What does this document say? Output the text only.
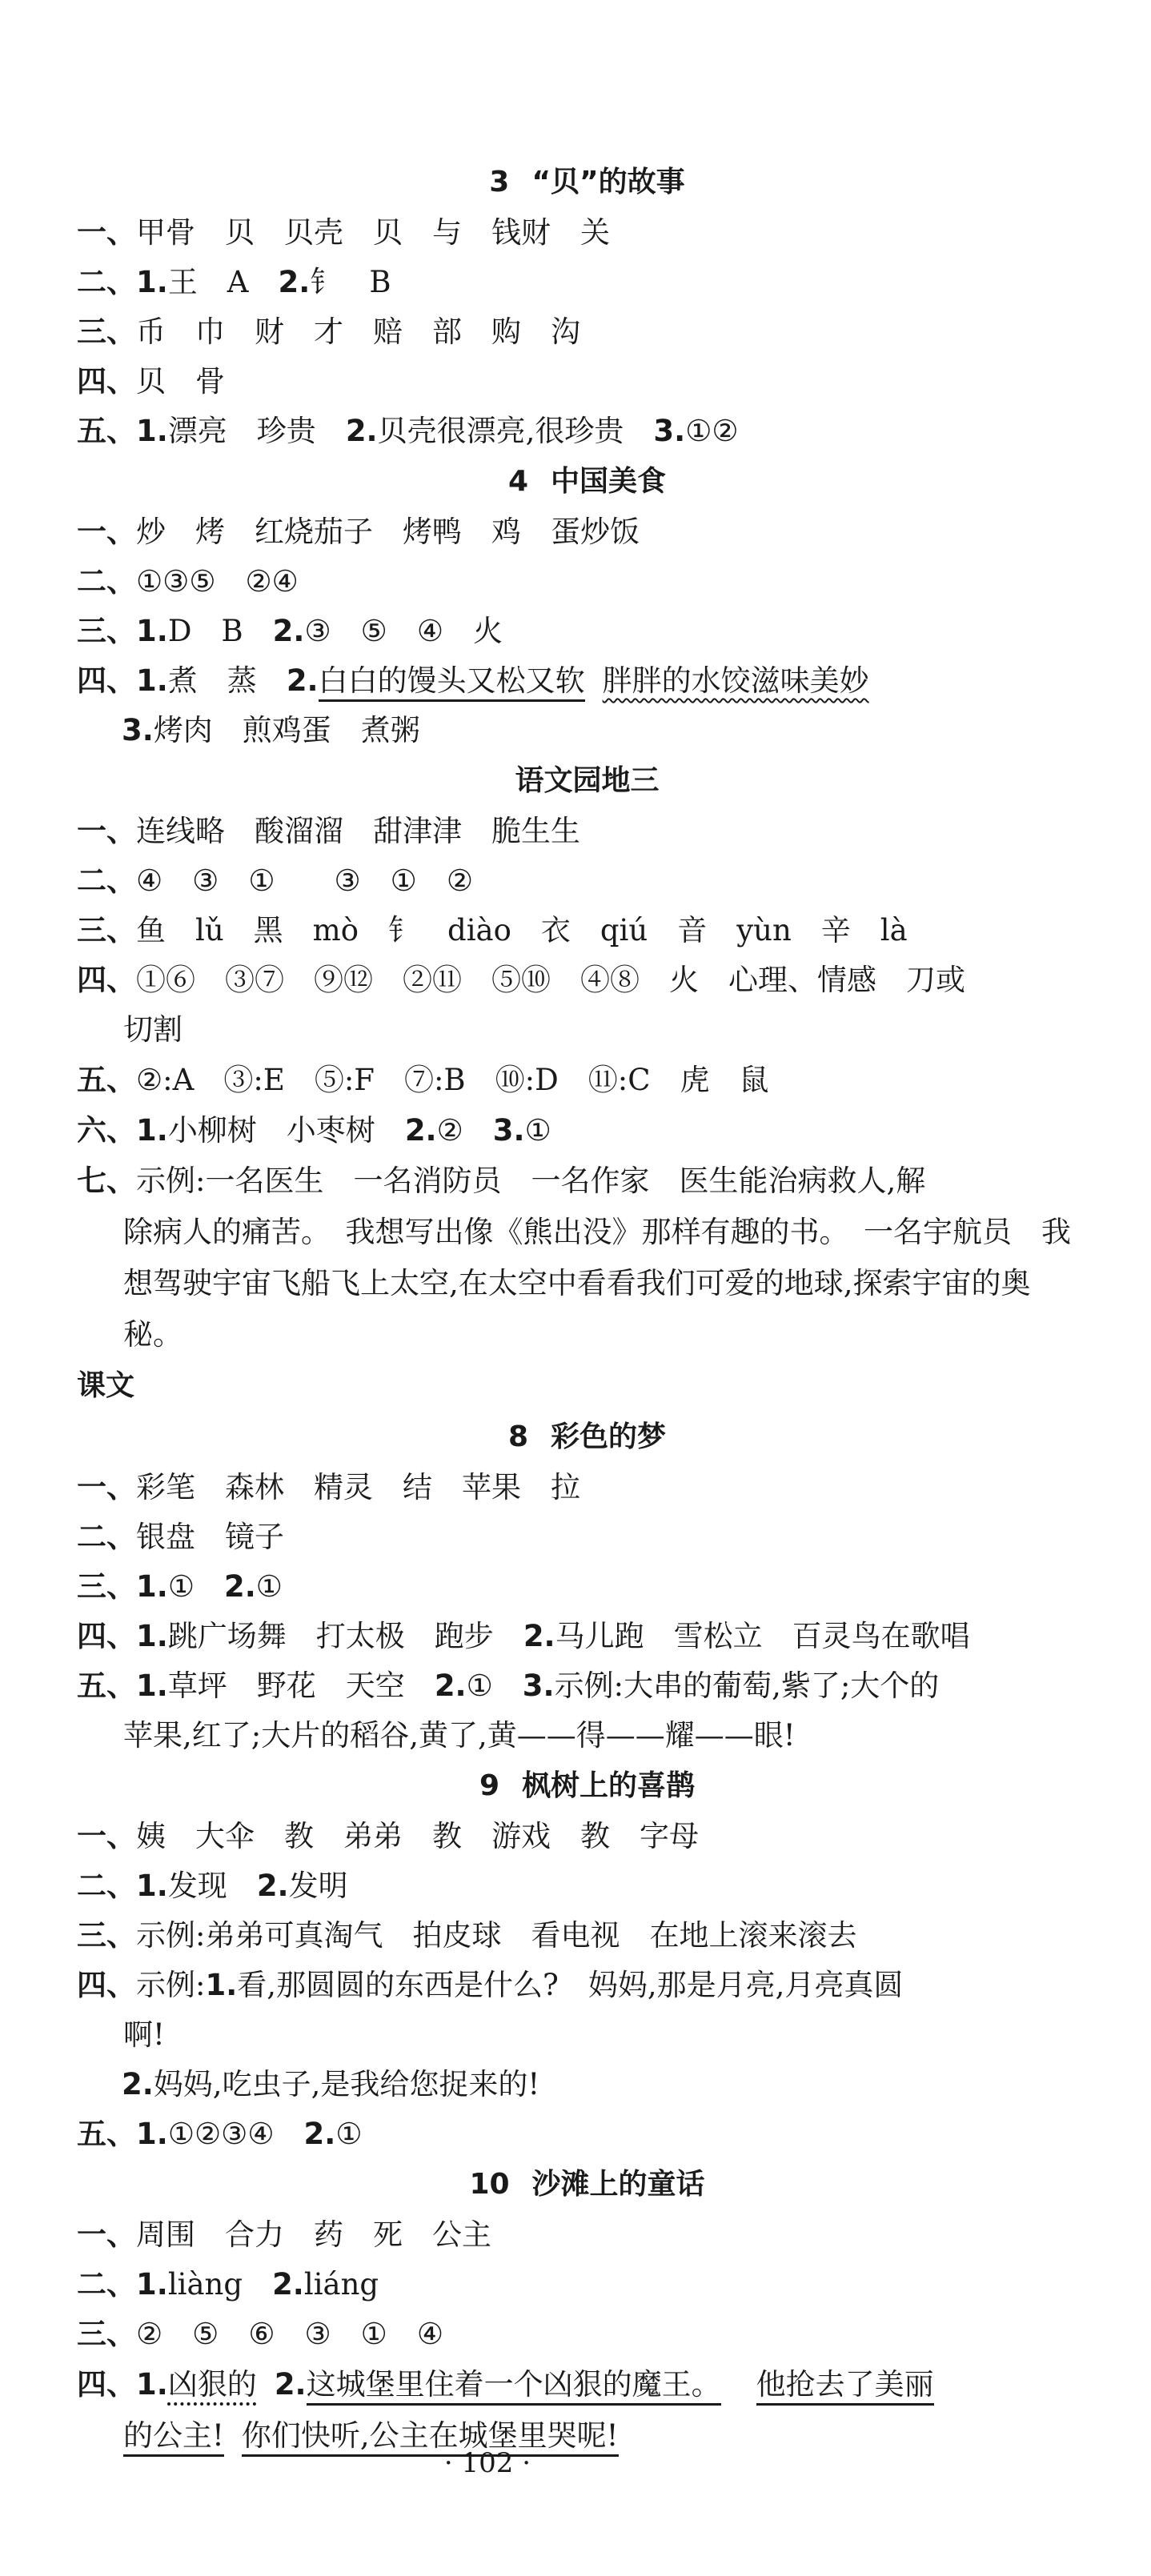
3 “贝”的故事
一、甲骨　贝　贝壳　贝　与　钱财　关
二、1.王　A　2.钅　B
三、币　巾　财　才　赔　部　购　沟
四、贝　骨
五、1.漂亮　珍贵　2.贝壳很漂亮,很珍贵　3.①②
4 中国美食
一、炒　烤　红烧茄子　烤鸭　鸡　蛋炒饭
二、①③⑤　②④
三、1.D　B　2.③　⑤　④　火
四、1.煮　蒸　2.白白的馒头又松又软 胖胖的水饺滋味美妙
3.烤肉　煎鸡蛋　煮粥
语文园地三
一、连线略　酸溜溜　甜津津　脆生生
二、④　③　①　　③　①　②
三、鱼　lǔ　黑　mò　钅　diào　衣　qiú　音　yùn　辛　là
四、①⑥　③⑦　⑨⑫　②⑪　⑤⑩　④⑧　火　心理、情感　刀或
切割
五、②:A　③:E　⑤:F　⑦:B　⑩:D　⑪:C　虎　鼠
六、1.小柳树　小枣树　2.②　3.①
七、示例:一名医生　一名消防员　一名作家　医生能治病救人,解
除病人的痛苦。　我想写出像《熊出没》那样有趣的书。　一名宇航员　我想驾驶宇宙飞船飞上太空,在太空中看看我们可爱的地球,探索宇宙的奥秘。
课文
8 彩色的梦
一、彩笔　森林　精灵　结　苹果　拉
二、银盘　镜子
三、1.①　2.①
四、1.跳广场舞　打太极　跑步　2.马儿跑　雪松立　百灵鸟在歌唱
五、1.草坪　野花　天空　2.①　3.示例:大串的葡萄,紫了;大个的
苹果,红了;大片的稻谷,黄了,黄——得——耀——眼!
9 枫树上的喜鹊
一、姨　大伞　教　弟弟　教　游戏　教　字母
二、1.发现　2.发明
三、示例:弟弟可真淘气　拍皮球　看电视　在地上滚来滚去
四、示例:1.看,那圆圆的东西是什么?　妈妈,那是月亮,月亮真圆
啊!
2.妈妈,吃虫子,是我给您捉来的!
五、1.①②③④　2.①
10 沙滩上的童话
一、周围　合力　药　死　公主
二、1.liàng　2.liáng
三、②　⑤　⑥　③　①　④
四、1.凶狠的 2.这城堡里住着一个凶狠的魔王。 他抢去了美丽
的公主! 你们快听,公主在城堡里哭呢!
· 102 ·
